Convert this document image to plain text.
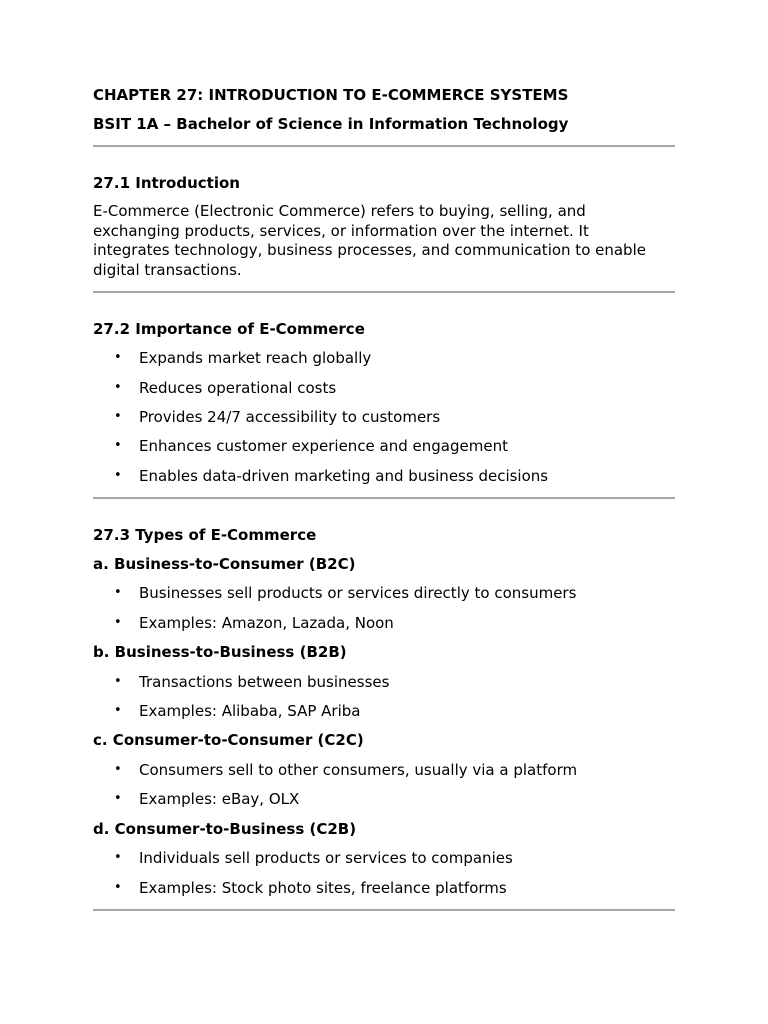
CHAPTER 27: INTRODUCTION TO E-COMMERCE SYSTEMS

BSIT 1A – Bachelor of Science in Information Technology

27.1 Introduction

E-Commerce (Electronic Commerce) refers to buying, selling, and

exchanging products, services, or information over the internet. It

integrates technology, business processes, and communication to enable

digital transactions.

27.2 Importance of E-Commerce

• Expands market reach globally
• Reduces operational costs
• Provides 24/7 accessibility to customers
• Enhances customer experience and engagement
• Enables data-driven marketing and business decisions

27.3 Types of E-Commerce

a. Business-to-Consumer (B2C)

• Businesses sell products or services directly to consumers
• Examples: Amazon, Lazada, Noon

b. Business-to-Business (B2B)

• Transactions between businesses
• Examples: Alibaba, SAP Ariba

c. Consumer-to-Consumer (C2C)

• Consumers sell to other consumers, usually via a platform
• Examples: eBay, OLX

d. Consumer-to-Business (C2B)

• Individuals sell products or services to companies
• Examples: Stock photo sites, freelance platforms
